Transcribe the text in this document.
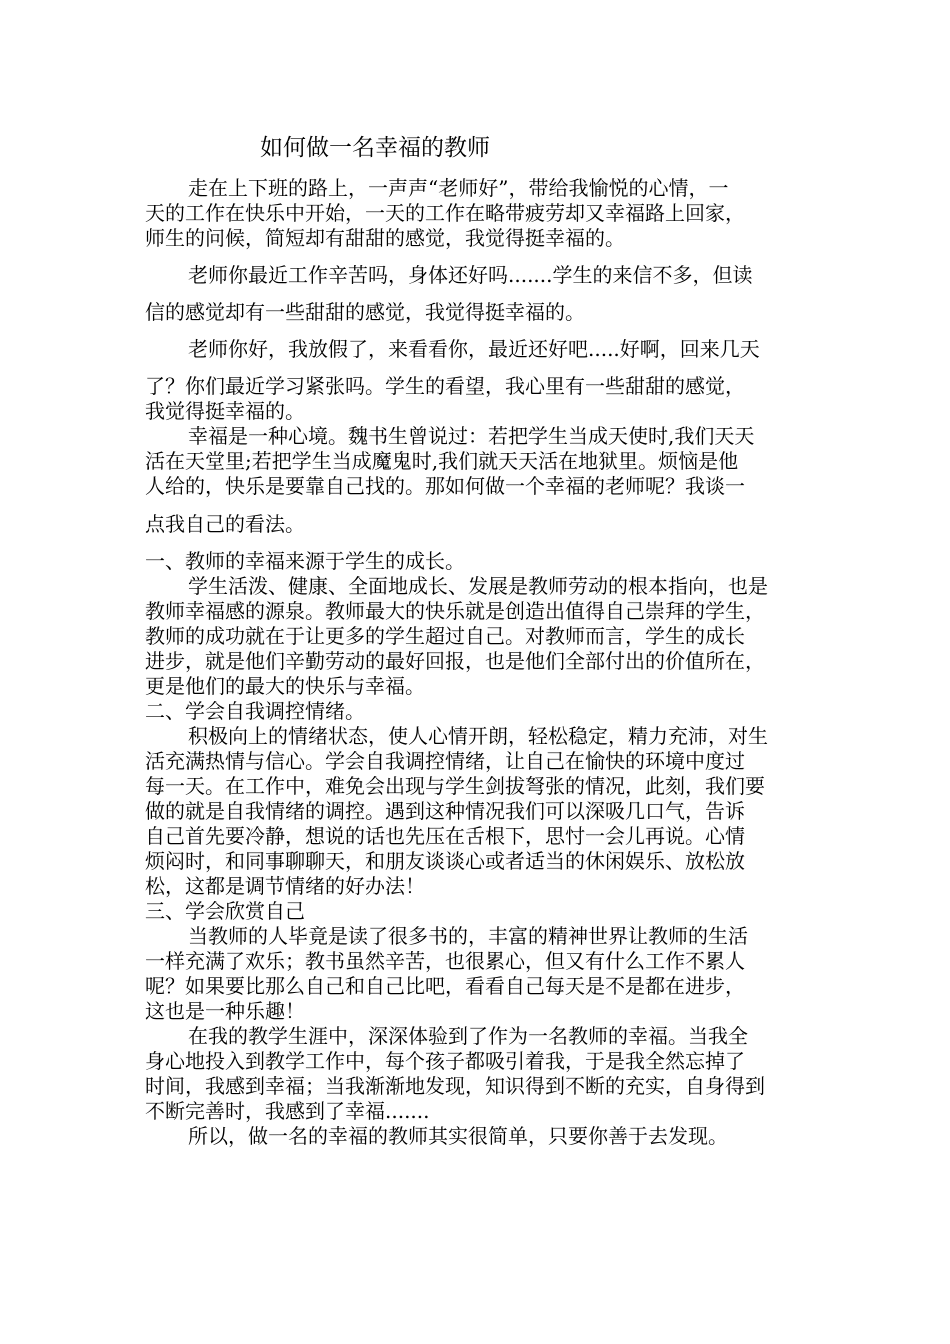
如何做一名幸福的教师

走在上下班的路上，一声声“老师好”，带给我愉悦的心情，一

天的工作在快乐中开始，一天的工作在略带疲劳却又幸福路上回家，

师生的问候，简短却有甜甜的感觉，我觉得挺幸福的。

老师你最近工作辛苦吗，身体还好吗.......学生的来信不多，但读

信的感觉却有一些甜甜的感觉，我觉得挺幸福的。

老师你好，我放假了，来看看你，最近还好吧.....好啊，回来几天

了？你们最近学习紧张吗。学生的看望，我心里有一些甜甜的感觉，

我觉得挺幸福的。

幸福是一种心境。魏书生曾说过：若把学生当成天使时,我们天天

活在天堂里;若把学生当成魔鬼时,我们就天天活在地狱里。烦恼是他

人给的，快乐是要靠自己找的。那如何做一个幸福的老师呢？我谈一

点我自己的看法。

一、教师的幸福来源于学生的成长。

学生活泼、健康、全面地成长、发展是教师劳动的根本指向，也是

教师幸福感的源泉。教师最大的快乐就是创造出值得自己崇拜的学生，

教师的成功就在于让更多的学生超过自己。对教师而言，学生的成长

进步，就是他们辛勤劳动的最好回报，也是他们全部付出的价值所在，

更是他们的最大的快乐与幸福。

二、学会自我调控情绪。

积极向上的情绪状态，使人心情开朗，轻松稳定，精力充沛，对生

活充满热情与信心。学会自我调控情绪，让自己在愉快的环境中度过

每一天。在工作中，难免会出现与学生剑拔弩张的情况，此刻，我们要

做的就是自我情绪的调控。遇到这种情况我们可以深吸几口气，告诉

自己首先要冷静，想说的话也先压在舌根下，思忖一会儿再说。心情

烦闷时，和同事聊聊天，和朋友谈谈心或者适当的休闲娱乐、放松放

松，这都是调节情绪的好办法！

三、学会欣赏自己

当教师的人毕竟是读了很多书的，丰富的精神世界让教师的生活

一样充满了欢乐；教书虽然辛苦，也很累心，但又有什么工作不累人

呢？如果要比那么自己和自己比吧，看看自己每天是不是都在进步，

这也是一种乐趣！

在我的教学生涯中，深深体验到了作为一名教师的幸福。当我全

身心地投入到教学工作中，每个孩子都吸引着我，于是我全然忘掉了

时间，我感到幸福；当我渐渐地发现，知识得到不断的充实，自身得到

不断完善时，我感到了幸福.......

所以，做一名的幸福的教师其实很简单，只要你善于去发现。
